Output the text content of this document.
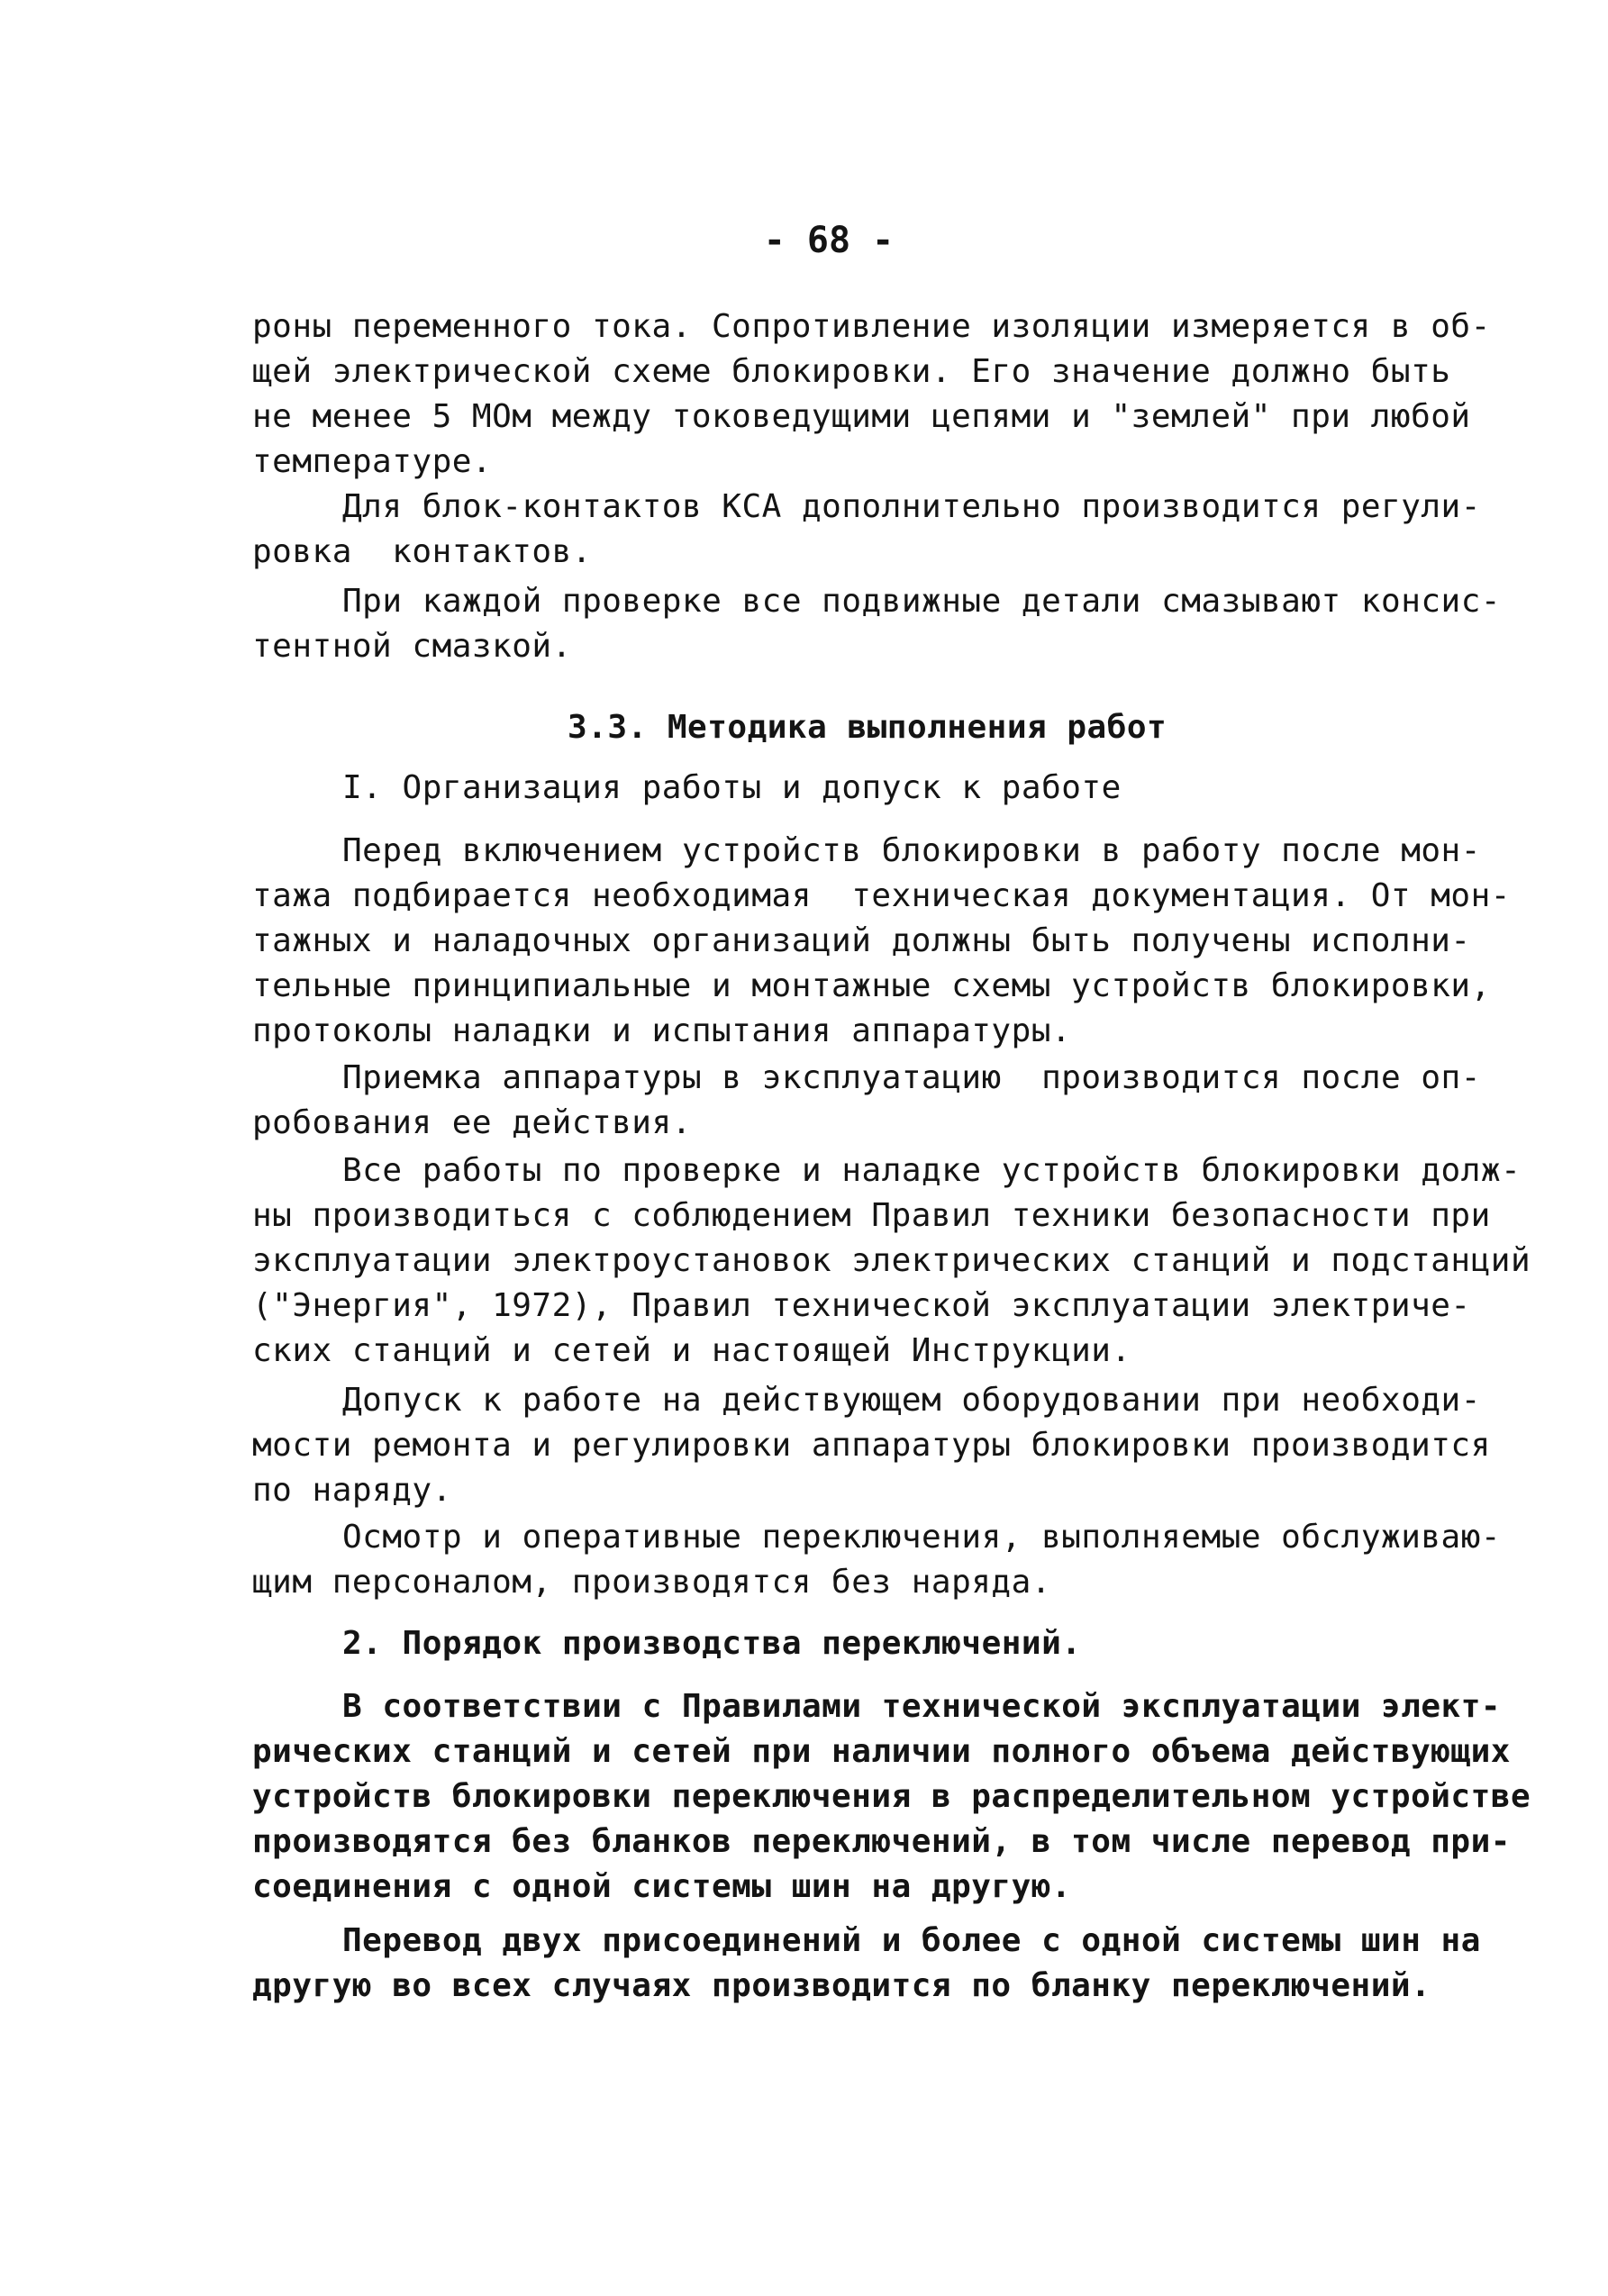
- 68 -
роны переменного тока. Сопротивление изоляции измеряется в об-
щей электрической схеме блокировки. Его значение должно быть
не менее 5 МОм между токоведущими цепями и "землей" при любой
температуре.
Для блок-контактов КСА дополнительно производится регули-
ровка  контактов.
При каждой проверке все подвижные детали смазывают консис-
тентной смазкой.
3.3. Методика выполнения работ
I. Организация работы и допуск к работе
Перед включением устройств блокировки в работу после мон-
тажа подбирается необходимая  техническая документация. От мон-
тажных и наладочных организаций должны быть получены исполни-
тельные принципиальные и монтажные схемы устройств блокировки,
протоколы наладки и испытания аппаратуры.
Приемка аппаратуры в эксплуатацию  производится после оп-
робования ее действия.
Все работы по проверке и наладке устройств блокировки долж-
ны производиться с соблюдением Правил техники безопасности при
эксплуатации электроустановок электрических станций и подстанций
("Энергия", 1972), Правил технической эксплуатации электриче-
ских станций и сетей и настоящей Инструкции.
Допуск к работе на действующем оборудовании при необходи-
мости ремонта и регулировки аппаратуры блокировки производится
по наряду.
Осмотр и оперативные переключения, выполняемые обслуживаю-
щим персоналом, производятся без наряда.
2. Порядок производства переключений.
В соответствии с Правилами технической эксплуатации элект-
рических станций и сетей при наличии полного объема действующих
устройств блокировки переключения в распределительном устройстве
производятся без бланков переключений, в том числе перевод при-
соединения с одной системы шин на другую.
Перевод двух присоединений и более с одной системы шин на
другую во всех случаях производится по бланку переключений.
